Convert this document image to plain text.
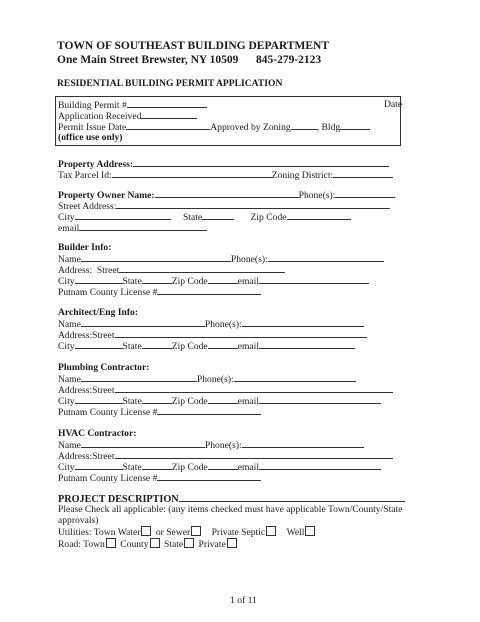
TOWN OF SOUTHEAST BUILDING DEPARTMENT
One Main Street Brewster, NY 10509 845-279-2123
RESIDENTIAL BUILDING PERMIT APPLICATION
Building Permit #	Date
Application Received
Permit Issue Date	Approved by Zoning	, Bldg
(office use only)
Property Address:
Tax Parcel Id:	Zoning District:
Property Owner Name:	Phone(s):
Street Address:
City	State	Zip Code
email
Builder Info:
Name	Phone(s):
Address: Street
City	State	Zip Code	email
Putnam County License #
Architect/Eng Info:
Name	Phone(s):
Address:Street
City	State	Zip Code	email
Plumbing Contractor:
Name	Phone(s):
Address:Street
City	State	Zip Code	email
Putnam County License #
HVAC Contractor:
Name	Phone(s):
Address:Street
City	State	Zip Code	email
Putnam County License #
PROJECT DESCRIPTION
Please Check all applicable: (any items checked must have applicable Town/County/State
approvals)
Utilities: Town Water or Sewer Private Septic Well
Road: Town County State Private
1 of 11
